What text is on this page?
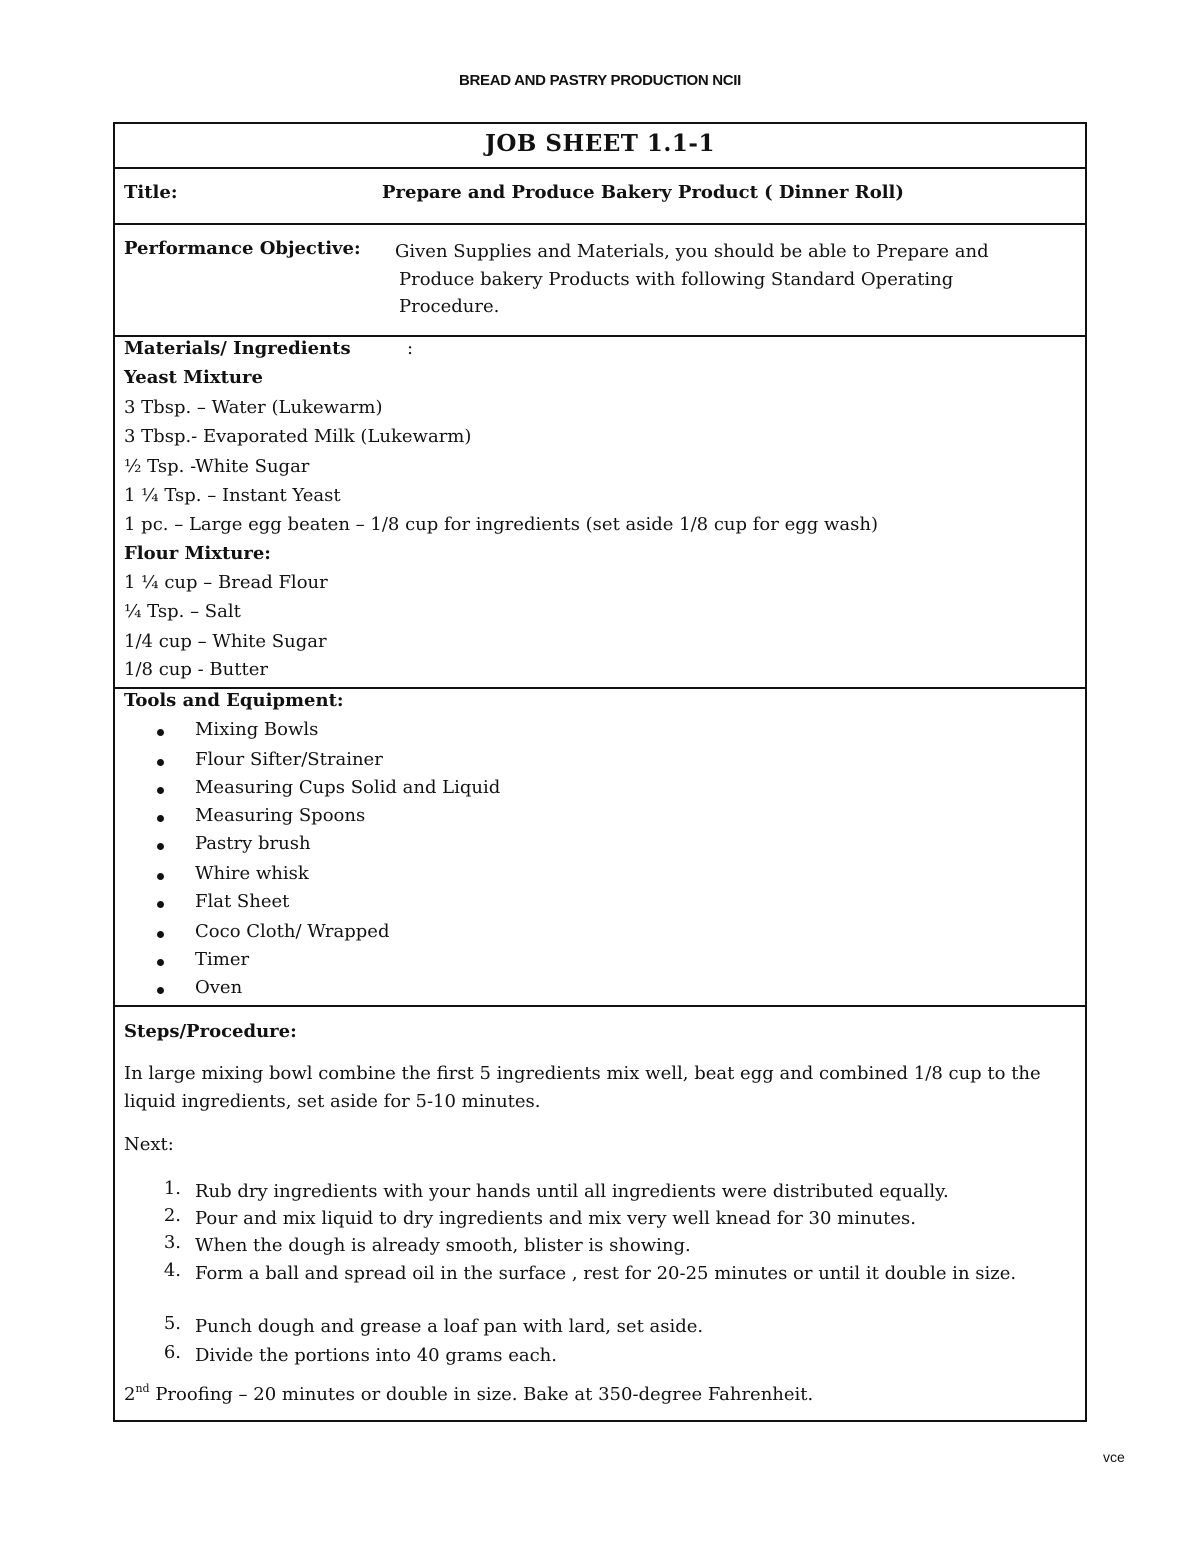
BREAD AND PASTRY PRODUCTION NCII
JOB SHEET 1.1-1
Title:	Prepare and Produce Bakery Product ( Dinner Roll)
Performance Objective: Given Supplies and Materials, you should be able to Prepare and Produce bakery Products with following Standard Operating Procedure.
Materials/ Ingredients	:
Yeast Mixture
3 Tbsp. – Water (Lukewarm)
3 Tbsp.- Evaporated Milk (Lukewarm)
½ Tsp. -White Sugar
1 ¼ Tsp. – Instant Yeast
1 pc. – Large egg beaten – 1/8 cup for ingredients (set aside 1/8 cup for egg wash)
Flour Mixture:
1 ¼ cup – Bread Flour
¼ Tsp. – Salt
1/4 cup – White Sugar
1/8 cup - Butter
Tools and Equipment:
Mixing Bowls
Flour Sifter/Strainer
Measuring Cups Solid and Liquid
Measuring Spoons
Pastry brush
Whire whisk
Flat Sheet
Coco Cloth/ Wrapped
Timer
Oven
Steps/Procedure:
In large mixing bowl combine the first 5 ingredients mix well, beat egg and combined 1/8 cup to the liquid ingredients, set aside for 5-10 minutes.
Next:
1. Rub dry ingredients with your hands until all ingredients were distributed equally.
2. Pour and mix liquid to dry ingredients and mix very well knead for 30 minutes.
3. When the dough is already smooth, blister is showing.
4. Form a ball and spread oil in the surface , rest for 20-25 minutes or until it double in size.
5. Punch dough and grease a loaf pan with lard, set aside.
6. Divide the portions into 40 grams each.
2nd Proofing – 20 minutes or double in size. Bake at 350-degree Fahrenheit.
vce
